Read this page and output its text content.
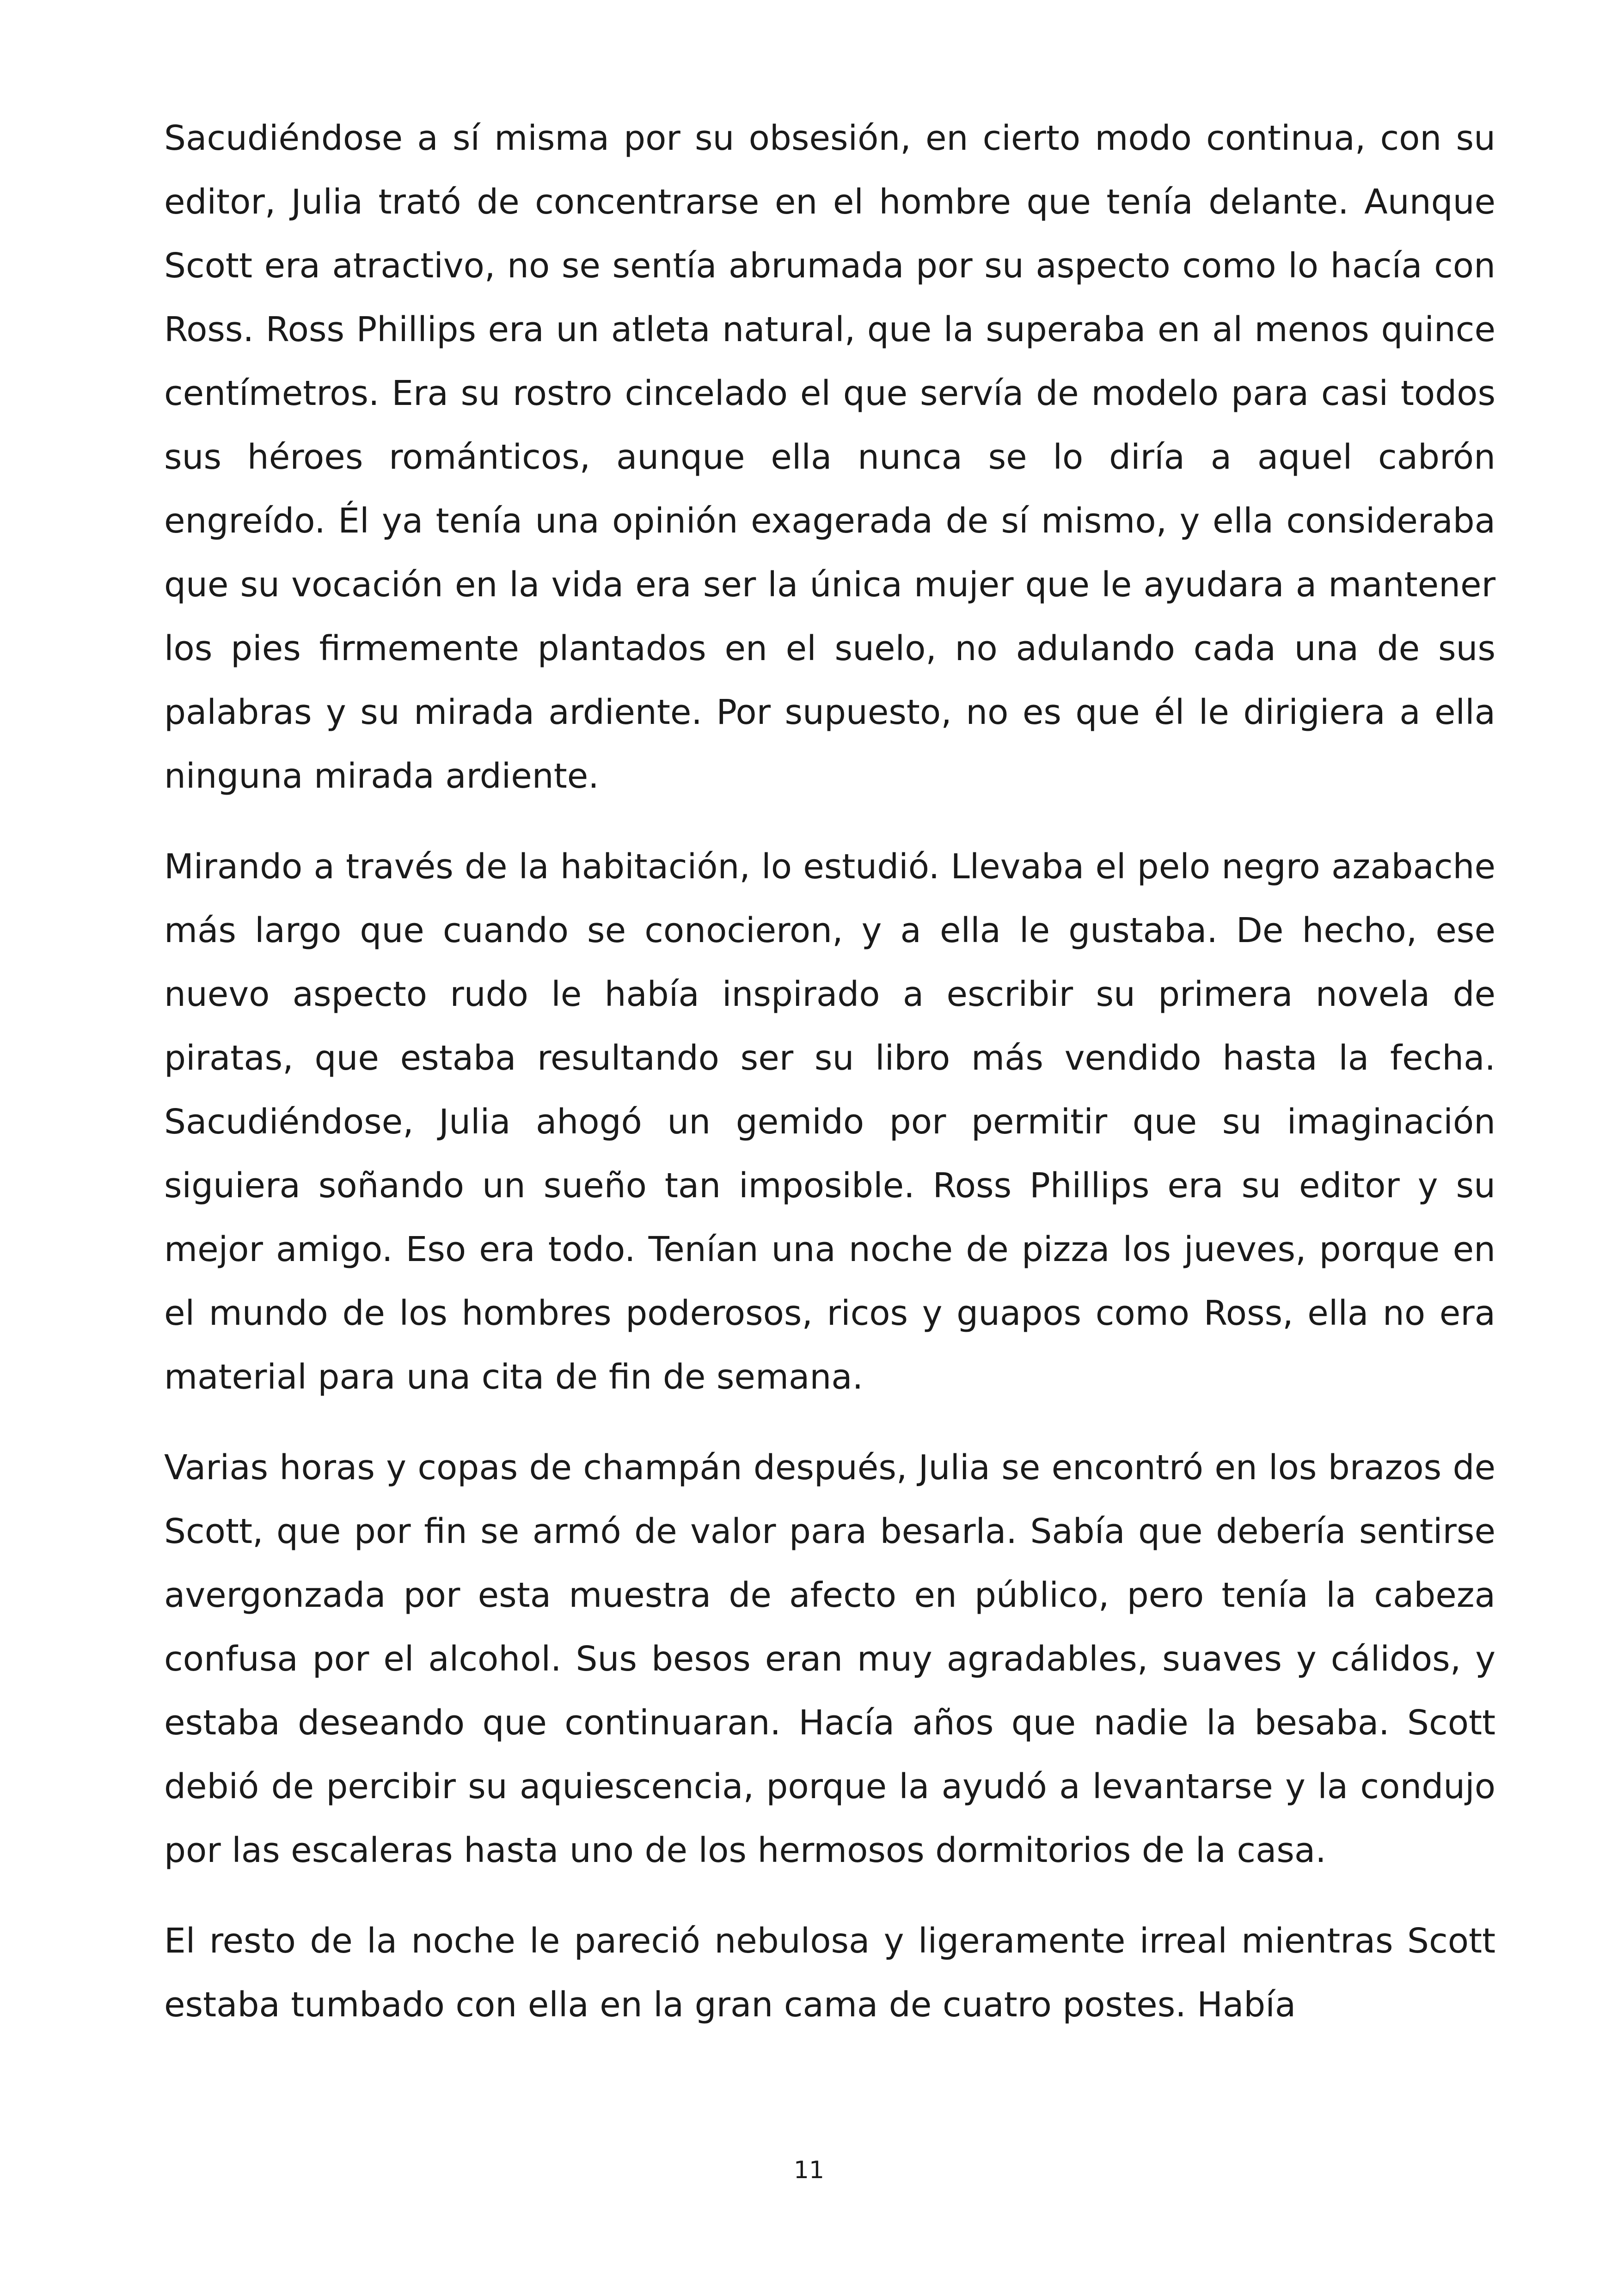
Sacudiéndose a sí misma por su obsesión, en cierto modo continua, con su editor, Julia trató de concentrarse en el hombre que tenía delante. Aunque Scott era atractivo, no se sentía abrumada por su aspecto como lo hacía con Ross. Ross Phillips era un atleta natural, que la superaba en al menos quince centímetros. Era su rostro cincelado el que servía de modelo para casi todos sus héroes románticos, aunque ella nunca se lo diría a aquel cabrón engreído. Él ya tenía una opinión exagerada de sí mismo, y ella consideraba que su vocación en la vida era ser la única mujer que le ayudara a mantener los pies firmemente plantados en el suelo, no adulando cada una de sus palabras y su mirada ardiente. Por supuesto, no es que él le dirigiera a ella ninguna mirada ardiente.

Mirando a través de la habitación, lo estudió. Llevaba el pelo negro azabache más largo que cuando se conocieron, y a ella le gustaba. De hecho, ese nuevo aspecto rudo le había inspirado a escribir su primera novela de piratas, que estaba resultando ser su libro más vendido hasta la fecha. Sacudiéndose, Julia ahogó un gemido por permitir que su imaginación siguiera soñando un sueño tan imposible. Ross Phillips era su editor y su mejor amigo. Eso era todo. Tenían una noche de pizza los jueves, porque en el mundo de los hombres poderosos, ricos y guapos como Ross, ella no era material para una cita de fin de semana.

Varias horas y copas de champán después, Julia se encontró en los brazos de Scott, que por fin se armó de valor para besarla. Sabía que debería sentirse avergonzada por esta muestra de afecto en público, pero tenía la cabeza confusa por el alcohol. Sus besos eran muy agradables, suaves y cálidos, y estaba deseando que continuaran. Hacía años que nadie la besaba. Scott debió de percibir su aquiescencia, porque la ayudó a levantarse y la condujo por las escaleras hasta uno de los hermosos dormitorios de la casa.

El resto de la noche le pareció nebulosa y ligeramente irreal mientras Scott estaba tumbado con ella en la gran cama de cuatro postes. Había

11
